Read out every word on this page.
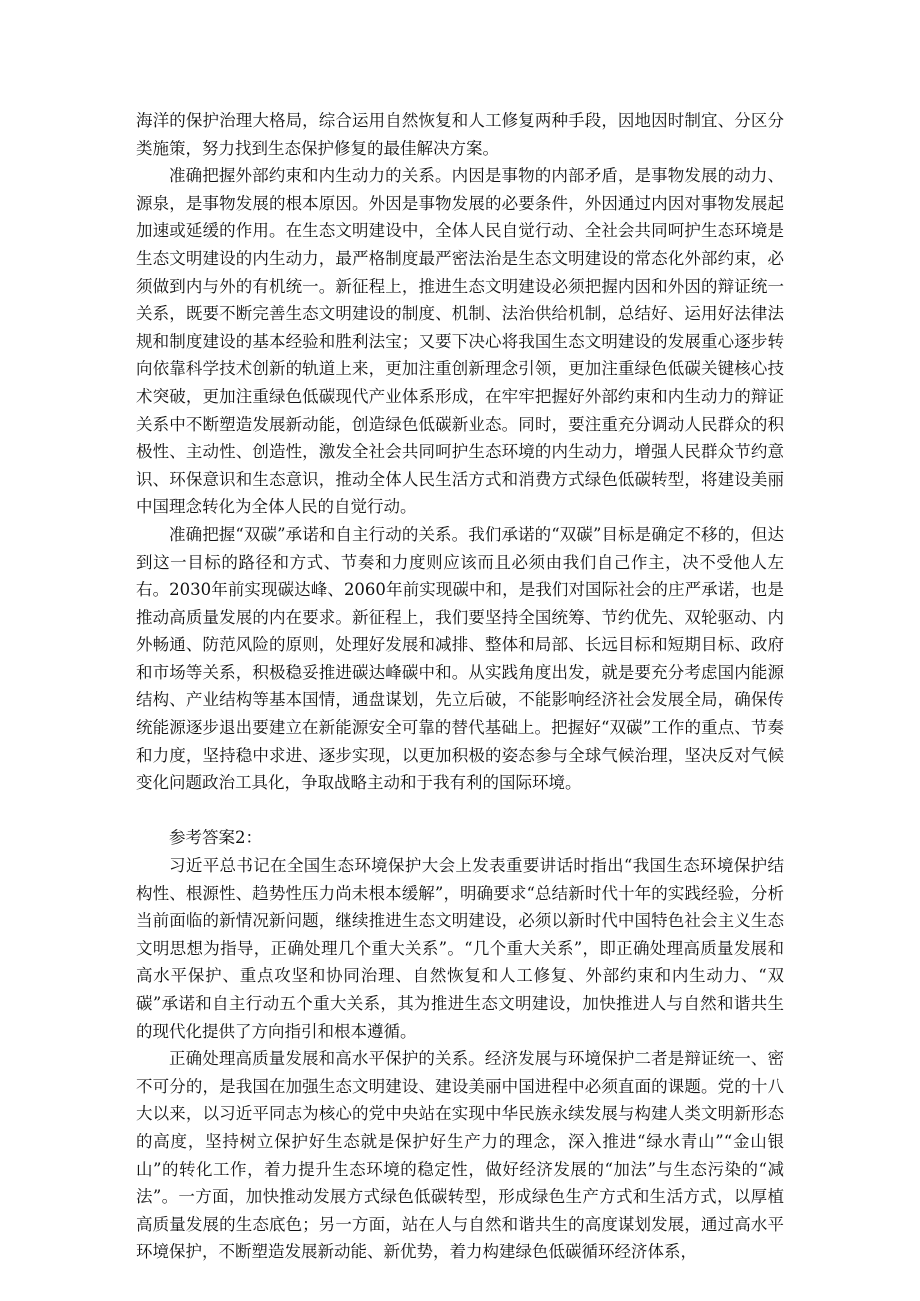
海洋的保护治理大格局，综合运用自然恢复和人工修复两种手段，因地因时制宜、分区分类施策，努力找到生态保护修复的最佳解决方案。

准确把握外部约束和内生动力的关系。内因是事物的内部矛盾，是事物发展的动力、源泉，是事物发展的根本原因。外因是事物发展的必要条件，外因通过内因对事物发展起加速或延缓的作用。在生态文明建设中，全体人民自觉行动、全社会共同呵护生态环境是生态文明建设的内生动力，最严格制度最严密法治是生态文明建设的常态化外部约束，必须做到内与外的有机统一。新征程上，推进生态文明建设必须把握内因和外因的辩证统一关系，既要不断完善生态文明建设的制度、机制、法治供给机制，总结好、运用好法律法规和制度建设的基本经验和胜利法宝；又要下决心将我国生态文明建设的发展重心逐步转向依靠科学技术创新的轨道上来，更加注重创新理念引领，更加注重绿色低碳关键核心技术突破，更加注重绿色低碳现代产业体系形成，在牢牢把握好外部约束和内生动力的辩证关系中不断塑造发展新动能，创造绿色低碳新业态。同时，要注重充分调动人民群众的积极性、主动性、创造性，激发全社会共同呵护生态环境的内生动力，增强人民群众节约意识、环保意识和生态意识，推动全体人民生活方式和消费方式绿色低碳转型，将建设美丽中国理念转化为全体人民的自觉行动。

准确把握“双碳”承诺和自主行动的关系。我们承诺的“双碳”目标是确定不移的，但达到这一目标的路径和方式、节奏和力度则应该而且必须由我们自己作主，决不受他人左右。2030年前实现碳达峰、2060年前实现碳中和，是我们对国际社会的庄严承诺，也是推动高质量发展的内在要求。新征程上，我们要坚持全国统筹、节约优先、双轮驱动、内外畅通、防范风险的原则，处理好发展和减排、整体和局部、长远目标和短期目标、政府和市场等关系，积极稳妥推进碳达峰碳中和。从实践角度出发，就是要充分考虑国内能源结构、产业结构等基本国情，通盘谋划，先立后破，不能影响经济社会发展全局，确保传统能源逐步退出要建立在新能源安全可靠的替代基础上。把握好“双碳”工作的重点、节奏和力度，坚持稳中求进、逐步实现，以更加积极的姿态参与全球气候治理，坚决反对气候变化问题政治工具化，争取战略主动和于我有利的国际环境。

参考答案2：

习近平总书记在全国生态环境保护大会上发表重要讲话时指出“我国生态环境保护结构性、根源性、趋势性压力尚未根本缓解”，明确要求“总结新时代十年的实践经验，分析当前面临的新情况新问题，继续推进生态文明建设，必须以新时代中国特色社会主义生态文明思想为指导，正确处理几个重大关系”。“几个重大关系”，即正确处理高质量发展和高水平保护、重点攻坚和协同治理、自然恢复和人工修复、外部约束和内生动力、“双碳”承诺和自主行动五个重大关系，其为推进生态文明建设，加快推进人与自然和谐共生的现代化提供了方向指引和根本遵循。

正确处理高质量发展和高水平保护的关系。经济发展与环境保护二者是辩证统一、密不可分的，是我国在加强生态文明建设、建设美丽中国进程中必须直面的课题。党的十八大以来，以习近平同志为核心的党中央站在实现中华民族永续发展与构建人类文明新形态的高度，坚持树立保护好生态就是保护好生产力的理念，深入推进“绿水青山”“金山银山”的转化工作，着力提升生态环境的稳定性，做好经济发展的“加法”与生态污染的“减法”。一方面，加快推动发展方式绿色低碳转型，形成绿色生产方式和生活方式，以厚植高质量发展的生态底色；另一方面，站在人与自然和谐共生的高度谋划发展，通过高水平环境保护，不断塑造发展新动能、新优势，着力构建绿色低碳循环经济体系，
